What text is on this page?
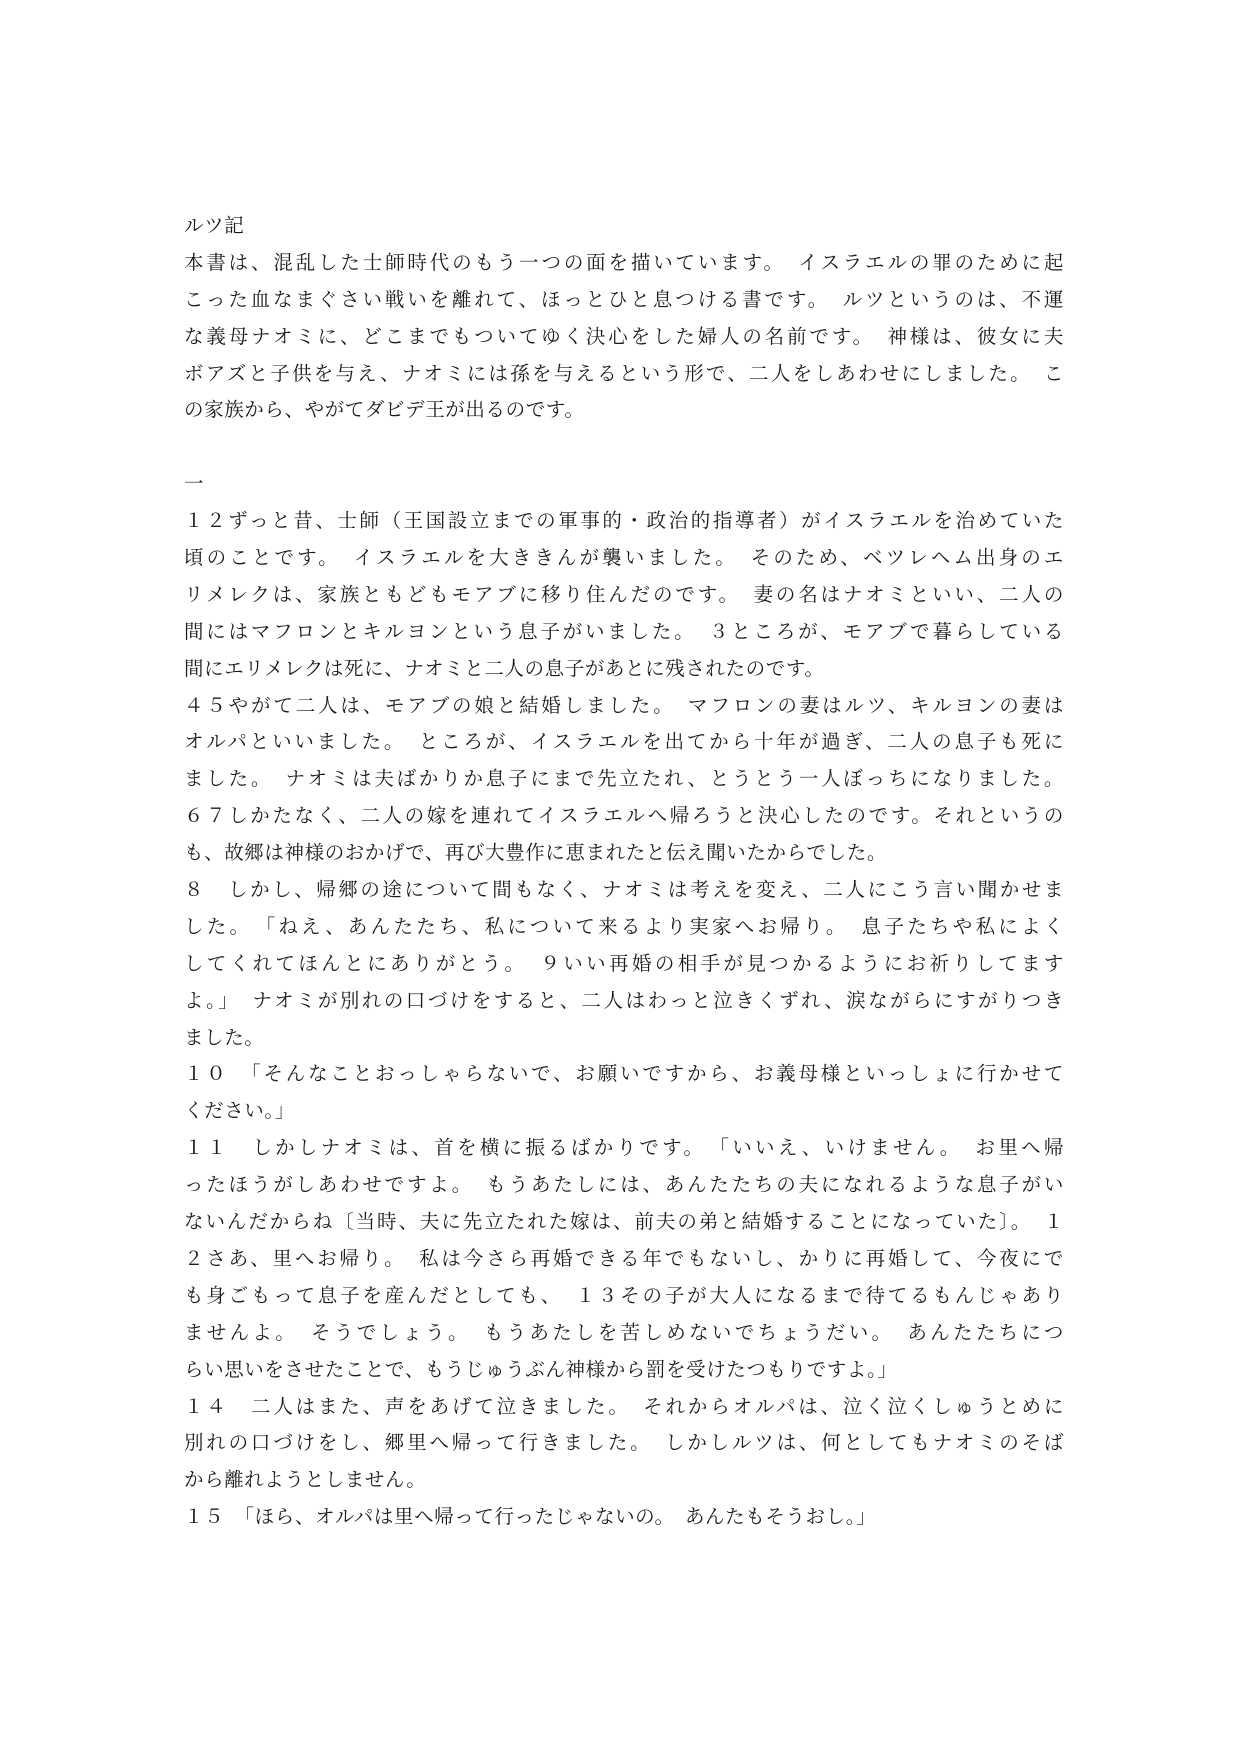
ルツ記
本書は、混乱した士師時代のもう一つの面を描いています。　イスラエルの罪のために起
こった血なまぐさい戦いを離れて、ほっとひと息つける書です。　ルツというのは、不運
な義母ナオミに、どこまでもついてゆく決心をした婦人の名前です。　神様は、彼女に夫
ボアズと子供を与え、ナオミには孫を与えるという形で、二人をしあわせにしました。　こ
の家族から、やがてダビデ王が出るのです。
一
１２ずっと昔、士師（王国設立までの軍事的・政治的指導者）がイスラエルを治めていた
頃のことです。　イスラエルを大ききんが襲いました。　そのため、ベツレヘム出身のエ
リメレクは、家族ともどもモアブに移り住んだのです。　妻の名はナオミといい、二人の
間にはマフロンとキルヨンという息子がいました。　３ところが、モアブで暮らしている
間にエリメレクは死に、ナオミと二人の息子があとに残されたのです。
４５やがて二人は、モアブの娘と結婚しました。　マフロンの妻はルツ、キルヨンの妻は
オルパといいました。　ところが、イスラエルを出てから十年が過ぎ、二人の息子も死に
ました。　ナオミは夫ばかりか息子にまで先立たれ、とうとう一人ぼっちになりました。
６７しかたなく、二人の嫁を連れてイスラエルへ帰ろうと決心したのです。それというの
も、故郷は神様のおかげで、再び大豊作に恵まれたと伝え聞いたからでした。
８　しかし、帰郷の途について間もなく、ナオミは考えを変え、二人にこう言い聞かせま
した。　「ねえ、あんたたち、私について来るより実家へお帰り。　息子たちや私によく
してくれてほんとにありがとう。　９いい再婚の相手が見つかるようにお祈りしてます
よ。」　ナオミが別れの口づけをすると、二人はわっと泣きくずれ、涙ながらにすがりつき
ました。
１０　「そんなことおっしゃらないで、お願いですから、お義母様といっしょに行かせて
ください。」
１１　しかしナオミは、首を横に振るばかりです。　「いいえ、いけません。　お里へ帰
ったほうがしあわせですよ。　もうあたしには、あんたたちの夫になれるような息子がい
ないんだからね〔当時、夫に先立たれた嫁は、前夫の弟と結婚することになっていた〕。　１
２さあ、里へお帰り。　私は今さら再婚できる年でもないし、かりに再婚して、今夜にで
も身ごもって息子を産んだとしても、　１３その子が大人になるまで待てるもんじゃあり
ませんよ。　そうでしょう。　もうあたしを苦しめないでちょうだい。　あんたたちにつ
らい思いをさせたことで、もうじゅうぶん神様から罰を受けたつもりですよ。」
１４　二人はまた、声をあげて泣きました。　それからオルパは、泣く泣くしゅうとめに
別れの口づけをし、郷里へ帰って行きました。　しかしルツは、何としてもナオミのそば
から離れようとしません。
１５　「ほら、オルパは里へ帰って行ったじゃないの。　あんたもそうおし。」
